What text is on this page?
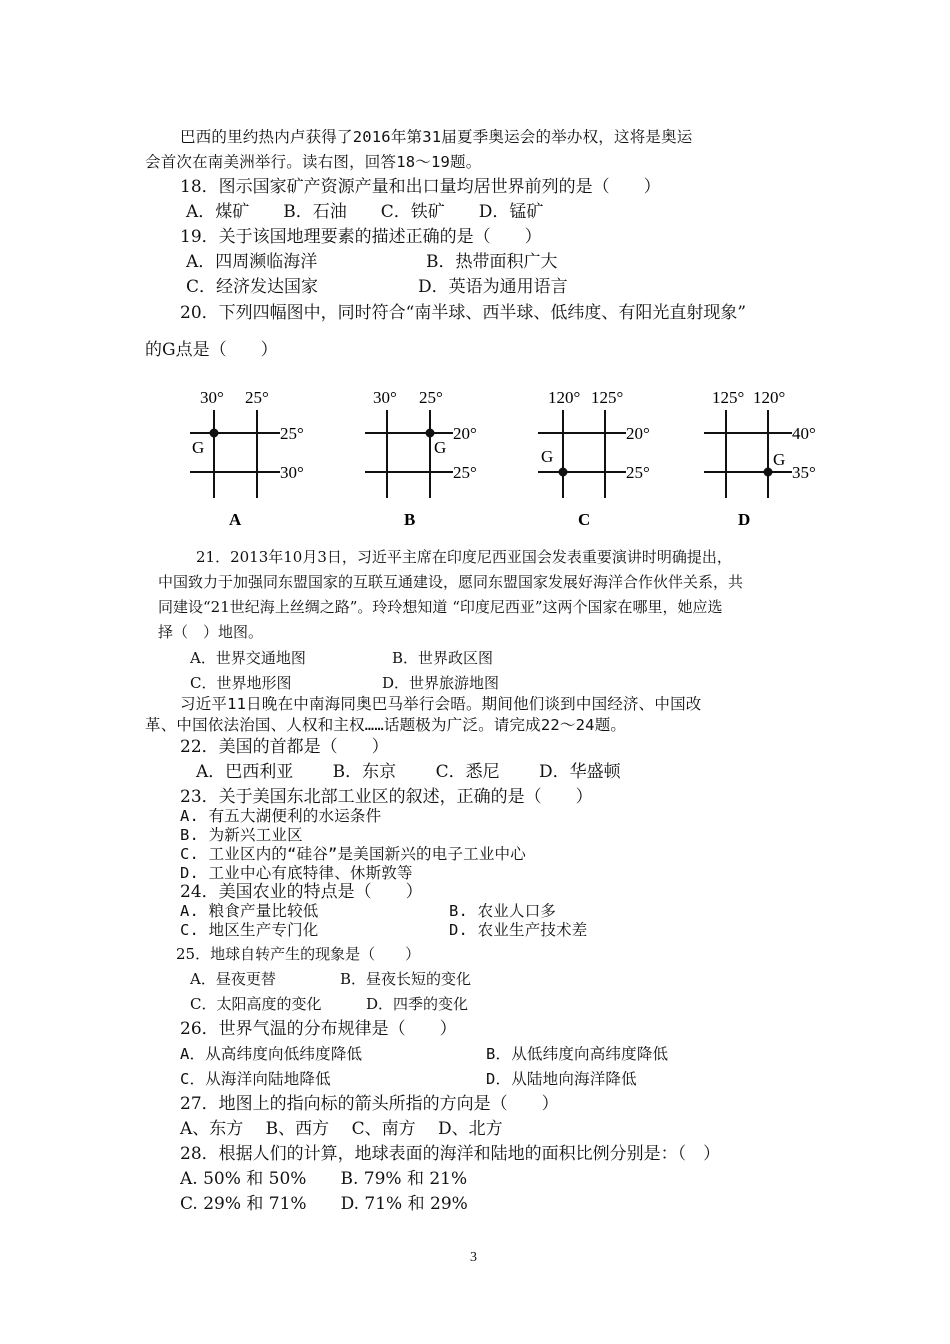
巴西的里约热内卢获得了2016年第31届夏季奥运会的举办权，这将是奥运
会首次在南美洲举行。读右图，回答18～19题。
18．图示国家矿产资源产量和出口量均居世界前列的是（　　）
A．煤矿　　B．石油　　C．铁矿　　D．锰矿
19．关于该国地理要素的描述正确的是（　　）
A．四周濒临海洋	B．热带面积广大
C．经济发达国家	D．英语为通用语言
20．下列四幅图中，同时符合“南半球、西半球、低纬度、有阳光直射现象”
的G点是（　　）
30° 25°
25°
30°
G
A
30° 25°
20°
25°
G
B
120° 125°
20°
25°
G
C
125° 120°
40°
35°
G
D
21．2013年10月3日，习近平主席在印度尼西亚国会发表重要演讲时明确提出，
中国致力于加强同东盟国家的互联互通建设，愿同东盟国家发展好海洋合作伙伴关系，共
同建设“21世纪海上丝绸之路”。玲玲想知道 “印度尼西亚”这两个国家在哪里，她应选
择（　）地图。
A．世界交通地图	B．世界政区图
C．世界地形图	D．世界旅游地图
习近平11日晚在中南海同奥巴马举行会晤。期间他们谈到中国经济、中国改
革、中国依法治国、人权和主权……话题极为广泛。请完成22～24题。
22．美国的首都是（　　）
A．巴西利亚　　 B．东京　　 C．悉尼　　 D．华盛顿
23．关于美国东北部工业区的叙述，正确的是（　　）
A. 有五大湖便利的水运条件
B. 为新兴工业区
C. 工业区内的“硅谷”是美国新兴的电子工业中心
D. 工业中心有底特律、休斯敦等
24．美国农业的特点是（　　）
A. 粮食产量比较低	B. 农业人口多
C. 地区生产专门化	D. 农业生产技术差
25．地球自转产生的现象是（　　）
A．昼夜更替	B．昼夜长短的变化
C．太阳高度的变化	D．四季的变化
26．世界气温的分布规律是（　　）
A．从高纬度向低纬度降低	B．从低纬度向高纬度降低
C．从海洋向陆地降低	D．从陆地向海洋降低
27．地图上的指向标的箭头所指的方向是（　　）
A、东方　 B、西方　 C、南方　 D、北方
28．根据人们的计算，地球表面的海洋和陆地的面积比例分别是：（　）
A. 50% 和 50%　　B. 79% 和 21%
C. 29% 和 71%　　D. 71% 和 29%
3
